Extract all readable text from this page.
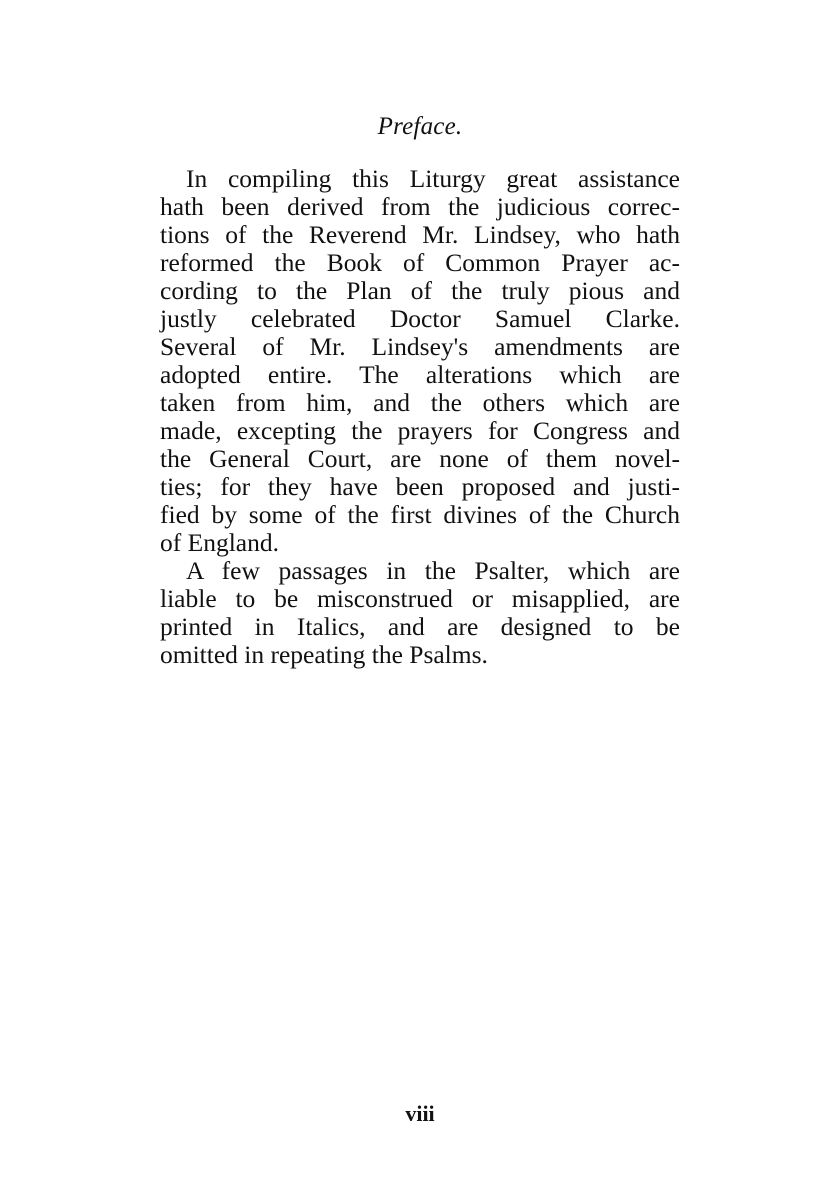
Preface.
In compiling this Liturgy great assistance
hath been derived from the judicious correc-
tions of the Reverend Mr. Lindsey, who hath
reformed the Book of Common Prayer ac-
cording to the Plan of the truly pious and
justly celebrated Doctor Samuel Clarke.
Several of Mr. Lindsey's amendments are
adopted entire. The alterations which are
taken from him, and the others which are
made, excepting the prayers for Congress and
the General Court, are none of them novel-
ties; for they have been proposed and justi-
fied by some of the first divines of the Church
of England.
A few passages in the Psalter, which are
liable to be misconstrued or misapplied, are
printed in Italics, and are designed to be
omitted in repeating the Psalms.
viii
